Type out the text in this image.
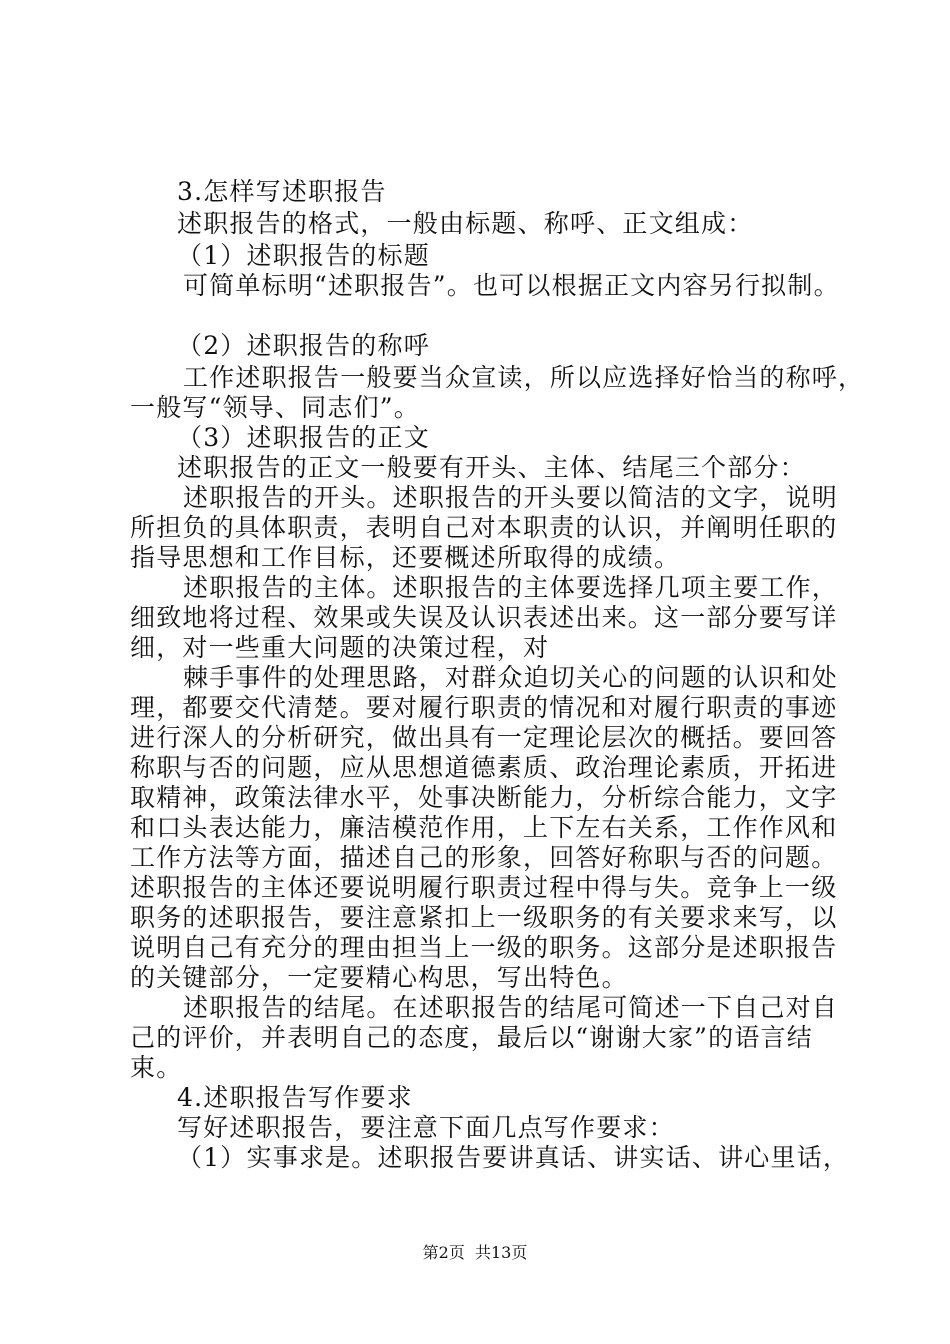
3.怎样写述职报告
述职报告的格式，一般由标题、称呼、正文组成：
（1）述职报告的标题
可简单标明“述职报告”。也可以根据正文内容另行拟制。
（2）述职报告的称呼
工作述职报告一般要当众宣读，所以应选择好恰当的称呼，
一般写“领导、同志们”。
（3）述职报告的正文
述职报告的正文一般要有开头、主体、结尾三个部分：
述职报告的开头。述职报告的开头要以简洁的文字，说明
所担负的具体职责，表明自己对本职责的认识，并阐明任职的
指导思想和工作目标，还要概述所取得的成绩。
述职报告的主体。述职报告的主体要选择几项主要工作，
细致地将过程、效果或失误及认识表述出来。这一部分要写详
细，对一些重大问题的决策过程，对
棘手事件的处理思路，对群众迫切关心的问题的认识和处
理，都要交代清楚。要对履行职责的情况和对履行职责的事迹
进行深人的分析研究，做出具有一定理论层次的概括。要回答
称职与否的问题，应从思想道德素质、政治理论素质，开拓进
取精神，政策法律水平，处事决断能力，分析综合能力，文字
和口头表达能力，廉洁模范作用，上下左右关系，工作作风和
工作方法等方面，描述自己的形象，回答好称职与否的问题。
述职报告的主体还要说明履行职责过程中得与失。竞争上一级
职务的述职报告，要注意紧扣上一级职务的有关要求来写，以
说明自己有充分的理由担当上一级的职务。这部分是述职报告
的关键部分，一定要精心构思，写出特色。
述职报告的结尾。在述职报告的结尾可简述一下自己对自
己的评价，并表明自己的态度，最后以“谢谢大家”的语言结
束。
4.述职报告写作要求
写好述职报告，要注意下面几点写作要求：
（1）实事求是。述职报告要讲真话、讲实话、讲心里话，
第2页  共13页
